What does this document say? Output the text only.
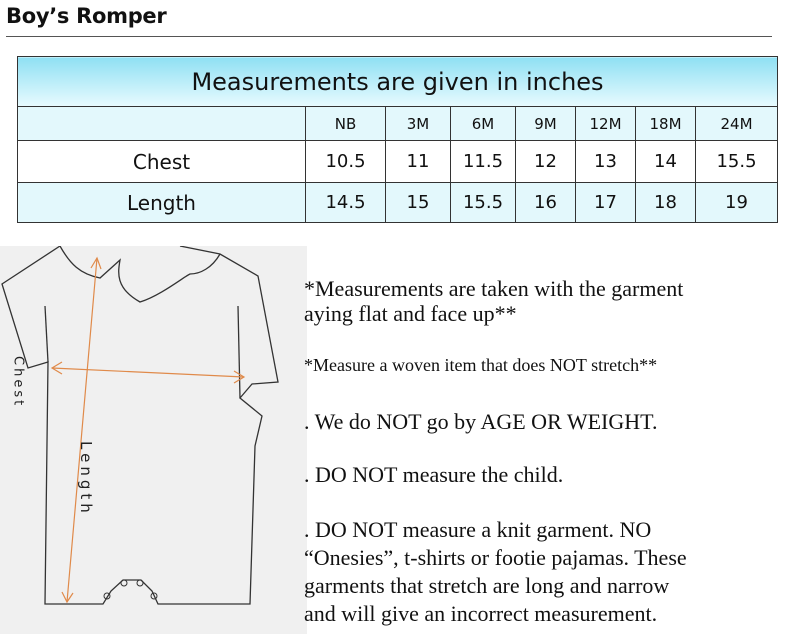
Boy’s Romper
Measurements are given in inches							
	NB	3M	6M	9M	12M	18M	24M
Chest	10.5	11	11.5	12	13	14	15.5
Length	14.5	15	15.5	16	17	18	19
Chest
Length
*Measurements are taken with the garment
aying flat and face up**
*Measure a woven item that does NOT stretch**
. We do NOT go by AGE OR WEIGHT.
. DO NOT measure the child.
. DO NOT measure a knit garment. NO
“Onesies”, t-shirts or footie pajamas. These
garments that stretch are long and narrow
and will give an incorrect measurement.
